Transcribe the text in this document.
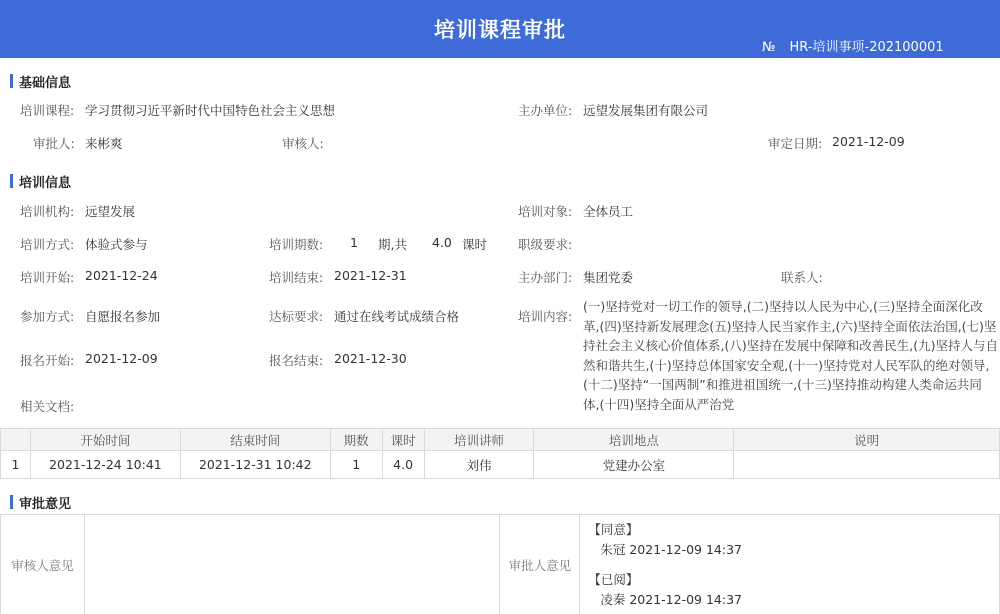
培训课程审批
№ HR-培训事项-202100001
基础信息
培训课程: 学习贯彻习近平新时代中国特色社会主义思想	主办单位: 远望发展集团有限公司
审批人: 来彬爽	审核人:	审定日期: 2021-12-09
培训信息
培训机构: 远望发展	培训对象: 全体员工
培训方式: 体验式参与	培训期数: 1 期,共 4.0 课时 职级要求:
培训开始: 2021-12-24	培训结束: 2021-12-31	主办部门: 集团党委	联系人:
参加方式: 自愿报名参加	达标要求: 通过在线考试成绩合格	培训内容:
(一)坚持党对一切工作的领导,(二)坚持以人民为中心,(三)坚持全面深化改革,(四)坚持新发展理念(五)坚持人民当家作主,(六)坚持全面依法治国,(七)坚持社会主义核心价值体系,(八)坚持在发展中保障和改善民生,(九)坚持人与自然和谐共生,(十)坚持总体国家安全观,(十一)坚持党对人民军队的绝对领导,(十二)坚持“一国两制”和推进祖国统一,(十三)坚持推动构建人类命运共同体,(十四)坚持全面从严治党
报名开始: 2021-12-09	报名结束: 2021-12-30
相关文档:
	开始时间	结束时间	期数	课时	培训讲师	培训地点	说明
1	2021-12-24 10:41	2021-12-31 10:42	1	4.0	刘伟	党建办公室	
审批意见
审核人意见		审批人意见	
【同意】
朱冠 2021-12-09 14:37
【已阅】
凌秦 2021-12-09 14:37
